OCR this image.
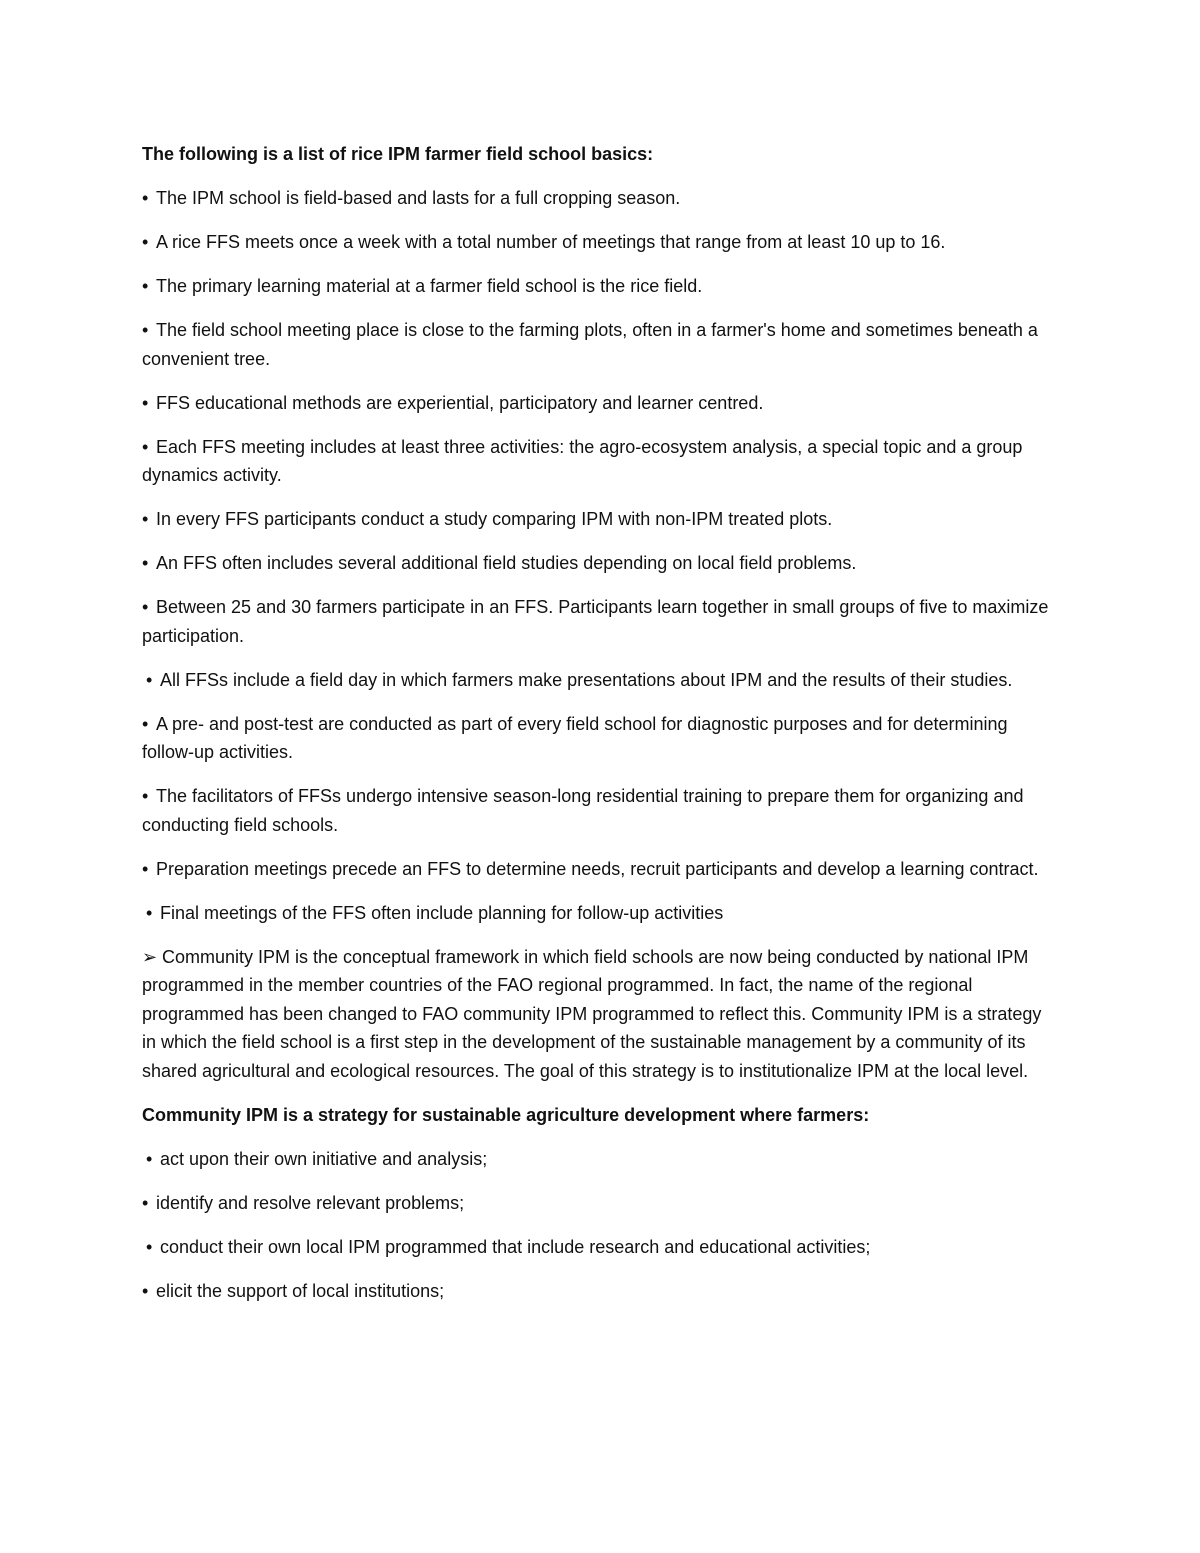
The following is a list of rice IPM farmer field school basics:

• The IPM school is field-based and lasts for a full cropping season.

• A rice FFS meets once a week with a total number of meetings that range from at least 10 up to 16.

• The primary learning material at a farmer field school is the rice field.

• The field school meeting place is close to the farming plots, often in a farmer's home and sometimes beneath a convenient tree.

• FFS educational methods are experiential, participatory and learner centred.

• Each FFS meeting includes at least three activities: the agro-ecosystem analysis, a special topic and a group dynamics activity.

• In every FFS participants conduct a study comparing IPM with non-IPM treated plots.

• An FFS often includes several additional field studies depending on local field problems.

• Between 25 and 30 farmers participate in an FFS. Participants learn together in small groups of five to maximize participation.

• All FFSs include a field day in which farmers make presentations about IPM and the results of their studies.

• A pre- and post-test are conducted as part of every field school for diagnostic purposes and for determining follow-up activities.

• The facilitators of FFSs undergo intensive season-long residential training to prepare them for organizing and conducting field schools.

• Preparation meetings precede an FFS to determine needs, recruit participants and develop a learning contract.

• Final meetings of the FFS often include planning for follow-up activities

➢ Community IPM is the conceptual framework in which field schools are now being conducted by national IPM programmed in the member countries of the FAO regional programmed. In fact, the name of the regional programmed has been changed to FAO community IPM programmed to reflect this. Community IPM is a strategy in which the field school is a first step in the development of the sustainable management by a community of its shared agricultural and ecological resources. The goal of this strategy is to institutionalize IPM at the local level.

Community IPM is a strategy for sustainable agriculture development where farmers:

• act upon their own initiative and analysis;

• identify and resolve relevant problems;

• conduct their own local IPM programmed that include research and educational activities;

• elicit the support of local institutions;
